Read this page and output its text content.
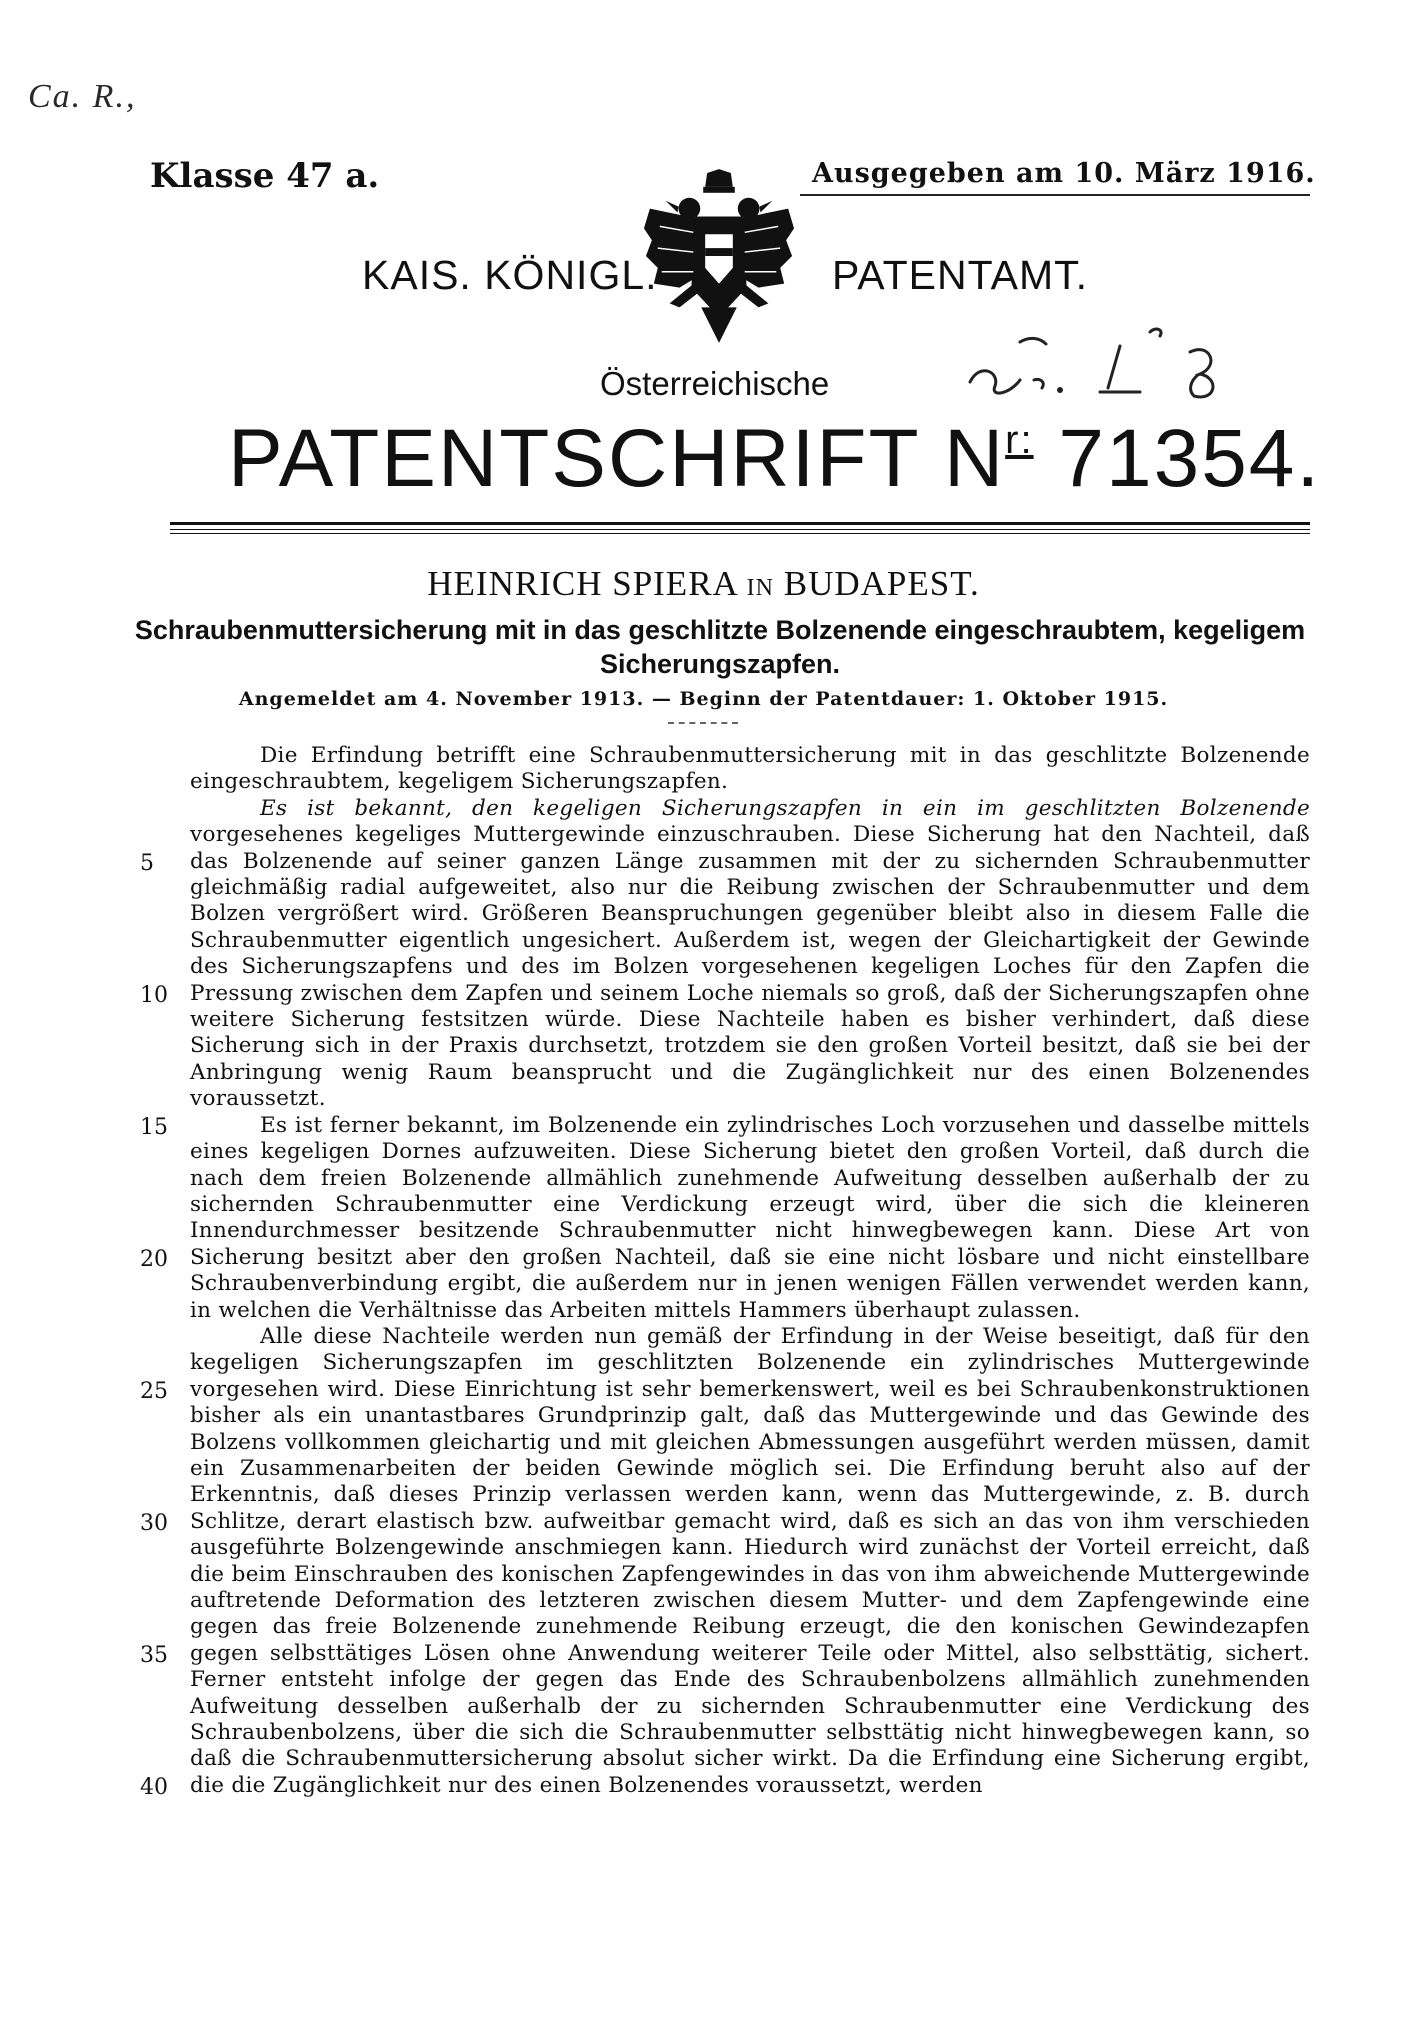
Ca. R.,
Klasse 47 a.	Ausgegeben am 10. März 1916.
KAIS. KÖNIGL.	PATENTAMT.
Österreichische
PATENTSCHRIFT $N^{r:}$ 71354.
HEINRICH SPIERA IN BUDAPEST.
Schraubenmuttersicherung mit in das geschlitzte Bolzenende eingeschraubtem, kegeligem Sicherungszapfen.
Angemeldet am 4. November 1913. — Beginn der Patentdauer: 1. Oktober 1915.

Die Erfindung betrifft eine Schraubenmuttersicherung mit in das geschlitzte Bolzenende eingeschraubtem, kegeligem Sicherungszapfen.

Es ist bekannt, den kegeligen Sicherungszapfen in ein im geschlitzten Bolzenende vorgesehenes kegeliges Muttergewinde einzuschrauben. Diese Sicherung hat den Nachteil, daß das Bolzenende auf seiner ganzen Länge zusammen mit der zu sichernden Schraubenmutter gleichmäßig radial aufgeweitet, also nur die Reibung zwischen der Schraubenmutter und dem Bolzen vergrößert wird. Größeren Beanspruchungen gegenüber bleibt also in diesem Falle die Schraubenmutter eigentlich ungesichert. Außerdem ist, wegen der Gleichartigkeit der Gewinde des Sicherungszapfens und des im Bolzen vorgesehenen kegeligen Loches für den Zapfen die Pressung zwischen dem Zapfen und seinem Loche niemals so groß, daß der Sicherungszapfen ohne weitere Sicherung festsitzen würde. Diese Nachteile haben es bisher verhindert, daß diese Sicherung sich in der Praxis durchsetzt, trotzdem sie den großen Vorteil besitzt, daß sie bei der Anbringung wenig Raum beansprucht und die Zugänglichkeit nur des einen Bolzenendes voraussetzt.

Es ist ferner bekannt, im Bolzenende ein zylindrisches Loch vorzusehen und dasselbe mittels eines kegeligen Dornes aufzuweiten. Diese Sicherung bietet den großen Vorteil, daß durch die nach dem freien Bolzenende allmählich zunehmende Aufweitung desselben außerhalb der zu sichernden Schraubenmutter eine Verdickung erzeugt wird, über die sich die kleineren Innendurchmesser besitzende Schraubenmutter nicht hinwegbewegen kann. Diese Art von Sicherung besitzt aber den großen Nachteil, daß sie eine nicht lösbare und nicht einstellbare Schraubenverbindung ergibt, die außerdem nur in jenen wenigen Fällen verwendet werden kann, in welchen die Verhältnisse das Arbeiten mittels Hammers überhaupt zulassen.

Alle diese Nachteile werden nun gemäß der Erfindung in der Weise beseitigt, daß für den kegeligen Sicherungszapfen im geschlitzten Bolzenende ein zylindrisches Muttergewinde vorgesehen wird. Diese Einrichtung ist sehr bemerkenswert, weil es bei Schraubenkonstruktionen bisher als ein unantastbares Grundprinzip galt, daß das Muttergewinde und das Gewinde des Bolzens vollkommen gleichartig und mit gleichen Abmessungen ausgeführt werden müssen, damit ein Zusammenarbeiten der beiden Gewinde möglich sei. Die Erfindung beruht also auf der Erkenntnis, daß dieses Prinzip verlassen werden kann, wenn das Muttergewinde, z. B. durch Schlitze, derart elastisch bzw. aufweitbar gemacht wird, daß es sich an das von ihm verschieden ausgeführte Bolzengewinde anschmiegen kann. Hiedurch wird zunächst der Vorteil erreicht, daß die beim Einschrauben des konischen Zapfengewindes in das von ihm abweichende Muttergewinde auftretende Deformation des letzteren zwischen diesem Mutter- und dem Zapfengewinde eine gegen das freie Bolzenende zunehmende Reibung erzeugt, die den konischen Gewindezapfen gegen selbsttätiges Lösen ohne Anwendung weiterer Teile oder Mittel, also selbsttätig, sichert. Ferner entsteht infolge der gegen das Ende des Schraubenbolzens allmählich zunehmenden Aufweitung desselben außerhalb der zu sichernden Schraubenmutter eine Verdickung des Schraubenbolzens, über die sich die Schraubenmutter selbsttätig nicht hinwegbewegen kann, so daß die Schraubenmuttersicherung absolut sicher wirkt. Da die Erfindung eine Sicherung ergibt, die die Zugänglichkeit nur des einen Bolzenendes voraussetzt, werden

5
10
15
20
25
30
35
40
